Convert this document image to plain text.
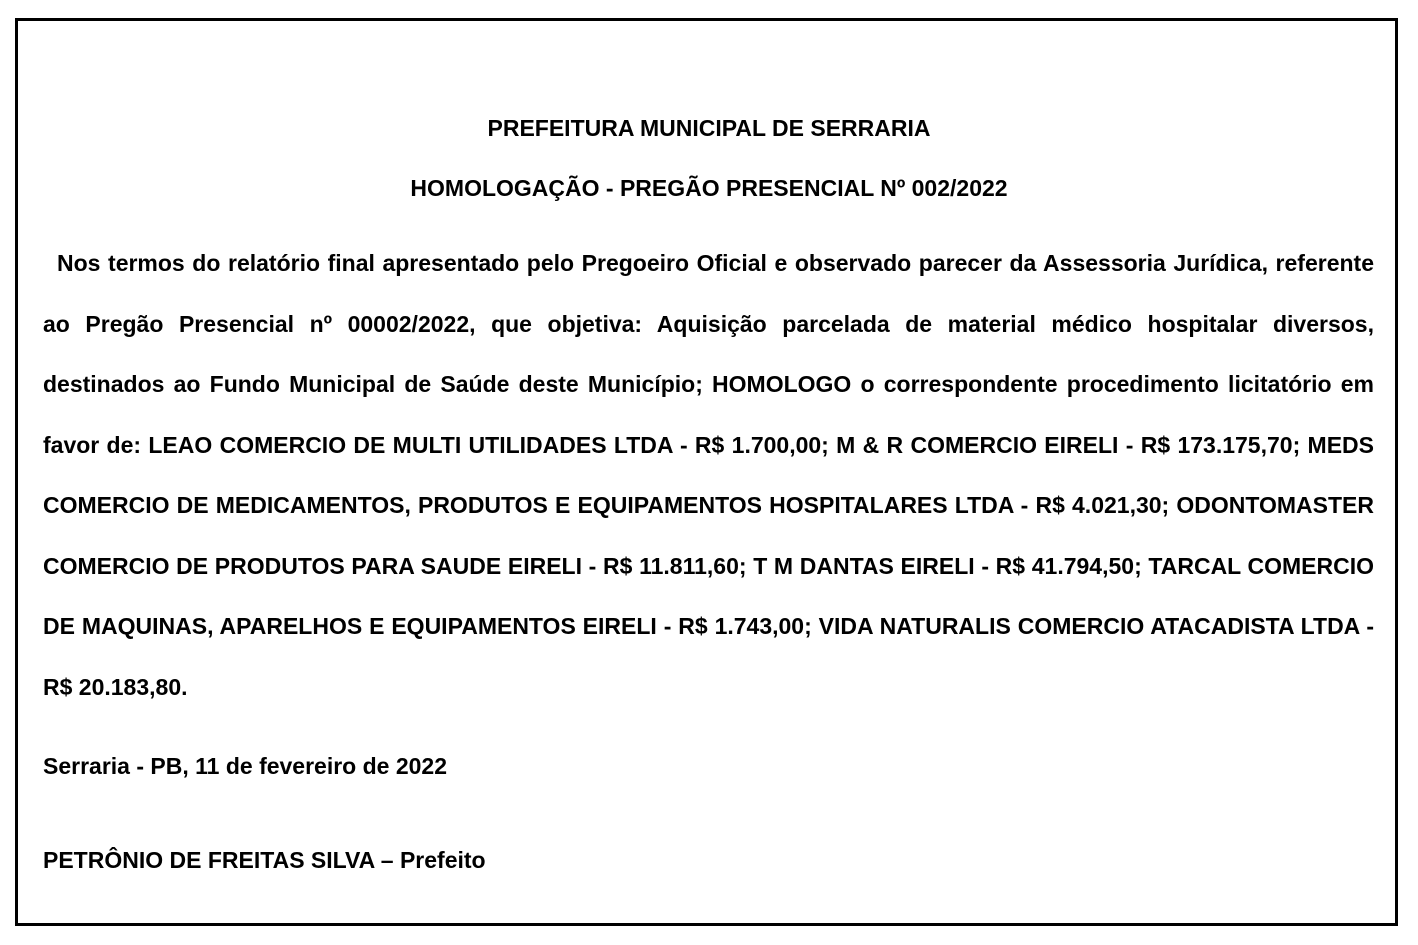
PREFEITURA MUNICIPAL DE SERRARIA
HOMOLOGAÇÃO - PREGÃO PRESENCIAL Nº 002/2022
Nos termos do relatório final apresentado pelo Pregoeiro Oficial e observado parecer da Assessoria Jurídica, referente ao Pregão Presencial nº 00002/2022, que objetiva: Aquisição parcelada de material médico hospitalar diversos, destinados ao Fundo Municipal de Saúde deste Município; HOMOLOGO o correspondente procedimento licitatório em favor de: LEAO COMERCIO DE MULTI UTILIDADES LTDA - R$ 1.700,00; M & R COMERCIO EIRELI - R$ 173.175,70; MEDS COMERCIO DE MEDICAMENTOS, PRODUTOS E EQUIPAMENTOS HOSPITALARES LTDA - R$ 4.021,30; ODONTOMASTER COMERCIO DE PRODUTOS PARA SAUDE EIRELI - R$ 11.811,60; T M DANTAS EIRELI - R$ 41.794,50; TARCAL COMERCIO DE MAQUINAS, APARELHOS E EQUIPAMENTOS EIRELI - R$ 1.743,00; VIDA NATURALIS COMERCIO ATACADISTA LTDA - R$ 20.183,80.
Serraria - PB, 11 de fevereiro de 2022
PETRÔNIO DE FREITAS SILVA – Prefeito
